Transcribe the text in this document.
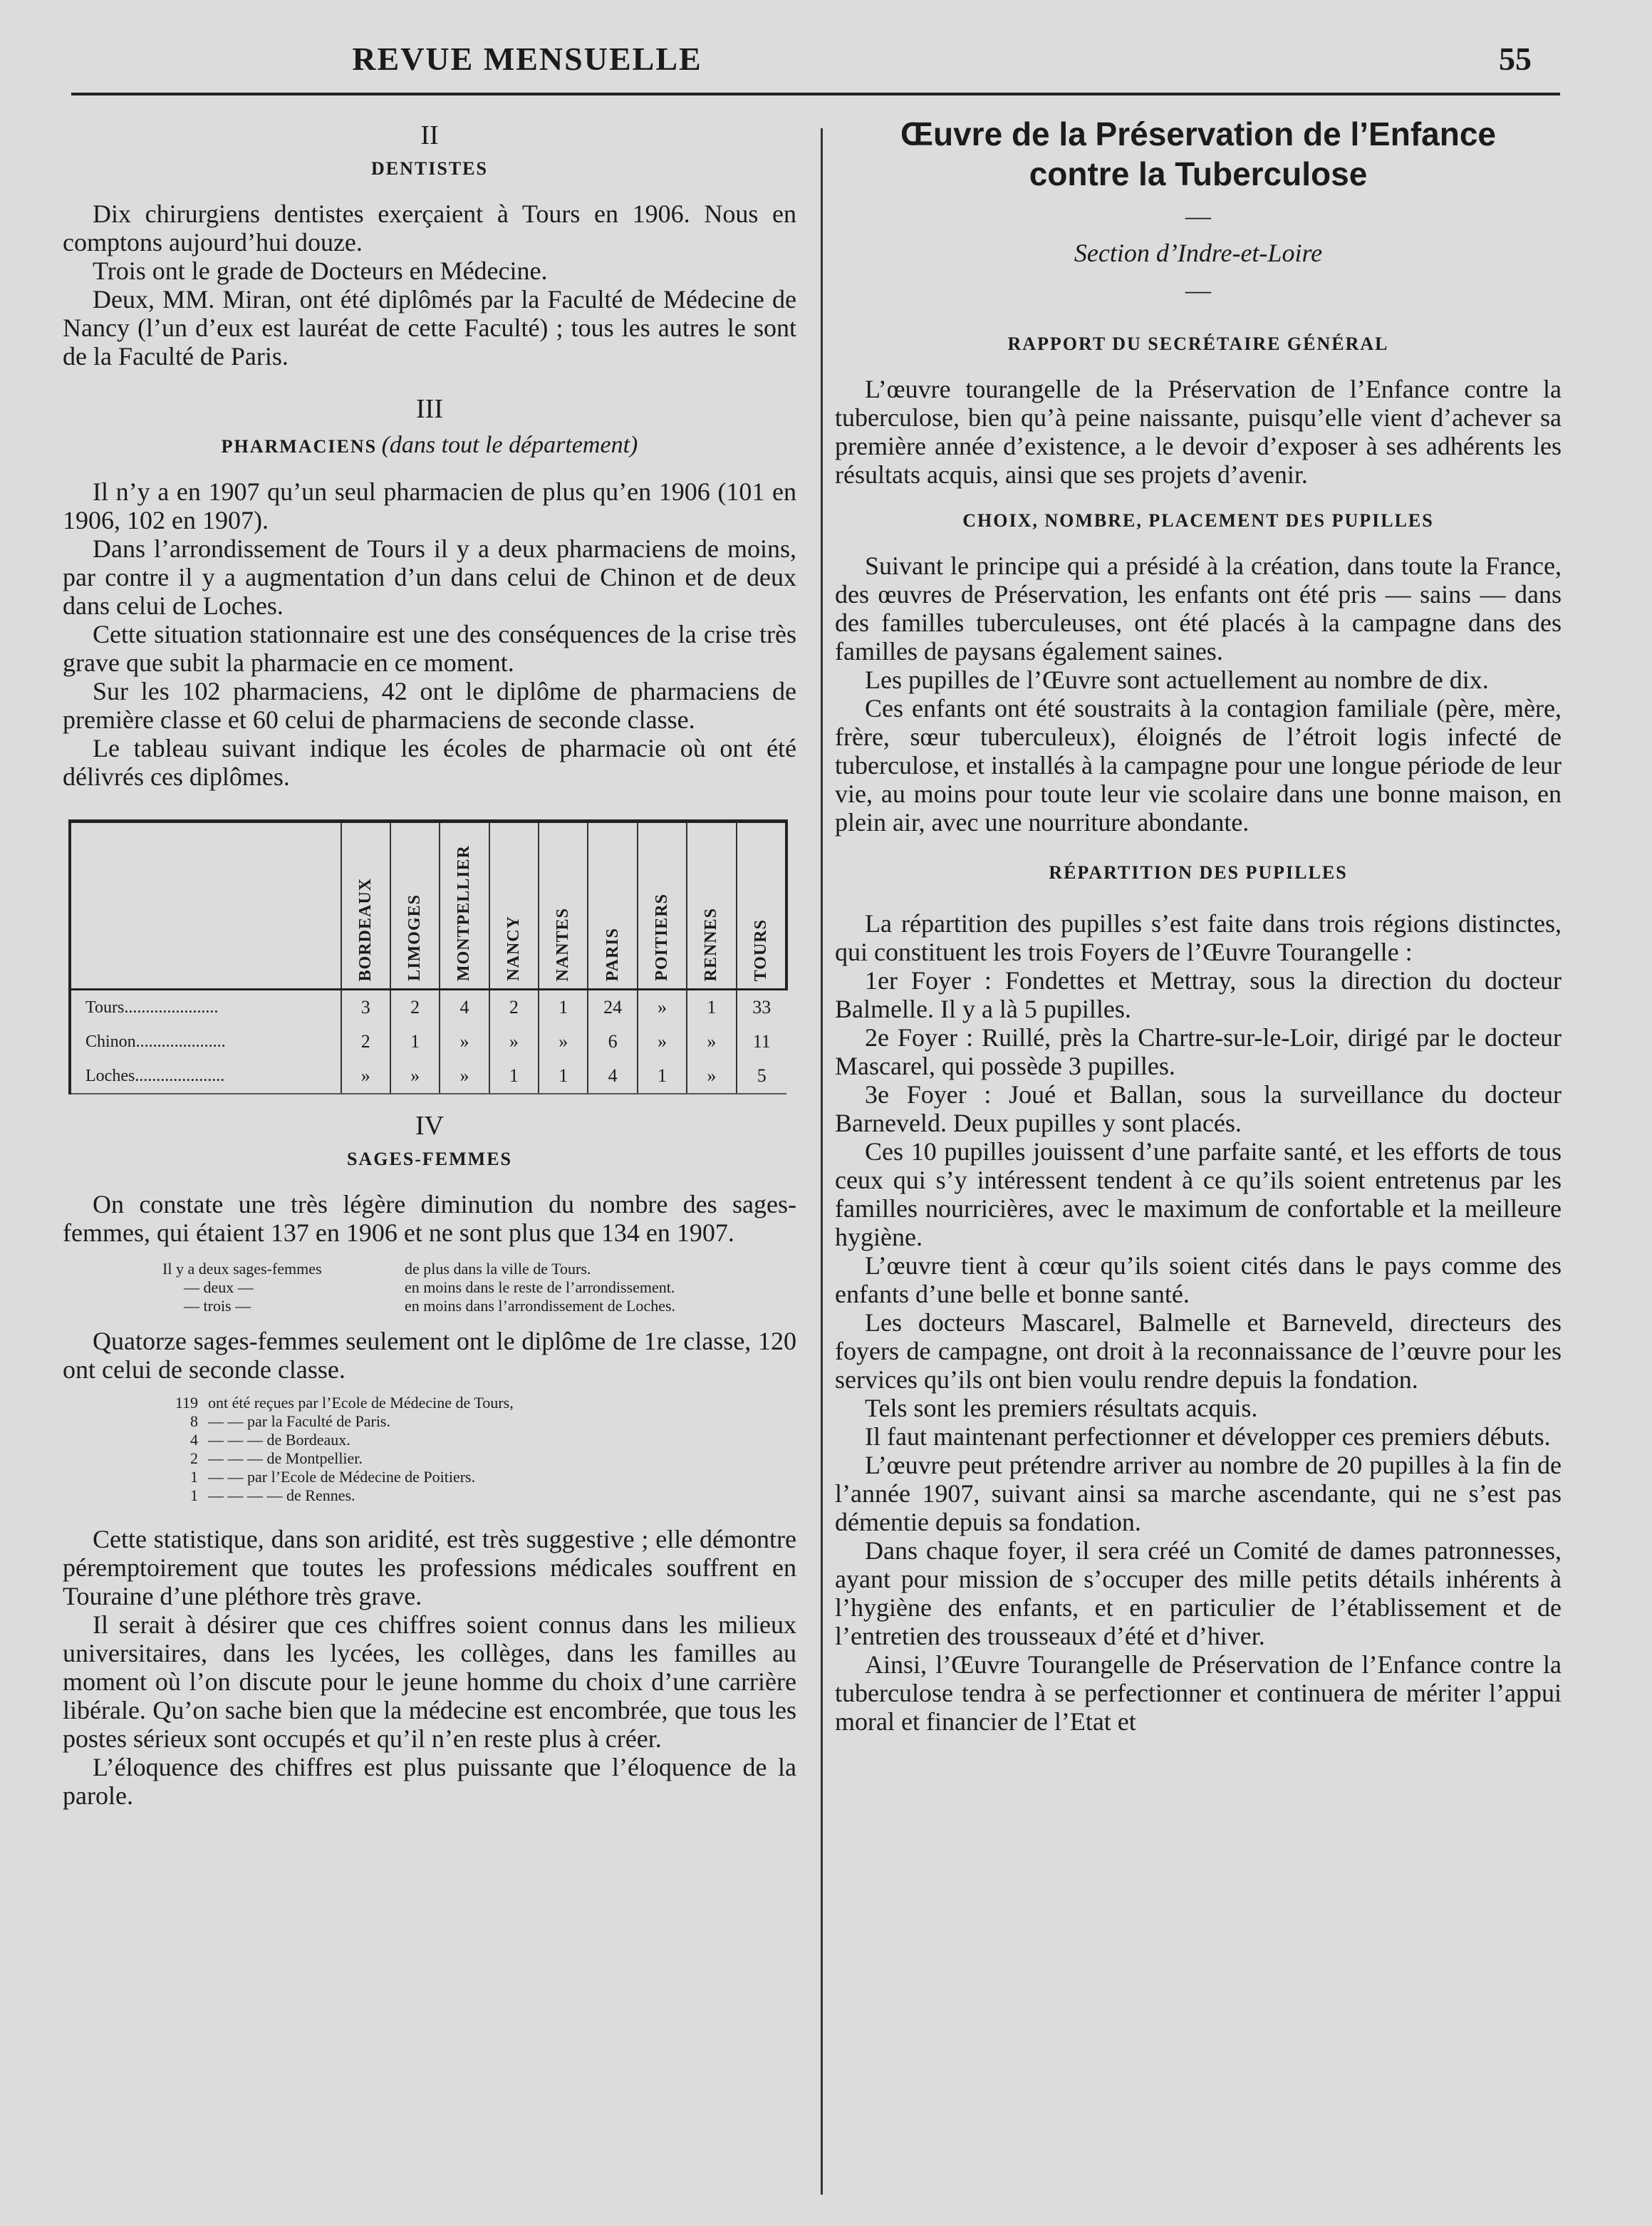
REVUE MENSUELLE	55
II
DENTISTES

Dix chirurgiens dentistes exerçaient à Tours en 1906. Nous en comptons aujourd’hui douze.

Trois ont le grade de Docteurs en Médecine.

Deux, MM. Miran, ont été diplômés par la Faculté de Médecine de Nancy (l’un d’eux est lauréat de cette Faculté) ; tous les autres le sont de la Faculté de Paris.

III
PHARMACIENS (dans tout le département)

Il n’y a en 1907 qu’un seul pharmacien de plus qu’en 1906 (101 en 1906, 102 en 1907).

Dans l’arrondissement de Tours il y a deux pharmaciens de moins, par contre il y a augmentation d’un dans celui de Chinon et de deux dans celui de Loches.

Cette situation stationnaire est une des conséquences de la crise très grave que subit la pharmacie en ce moment.

Sur les 102 pharmaciens, 42 ont le diplôme de pharmaciens de première classe et 60 celui de pharmaciens de seconde classe.

Le tableau suivant indique les écoles de pharmacie où ont été délivrés ces diplômes.

	BORDEAUX	LIMOGES	MONTPELLIER	NANCY	NANTES	PARIS	POITIERS	RENNES	TOURS

Tours......................	3	2	4	2	1	24	»	1	33
Chinon.....................	2	1	»	»	»	6	»	»	11
Loches.....................	»	»	»	1	1	4	1	»	5
IV
SAGES-FEMMES

On constate une très légère diminution du nombre des sages-femmes, qui étaient 137 en 1906 et ne sont plus que 134 en 1907.

Il y a deux sages-femmes	de plus dans la ville de Tours.
— deux —	en moins dans le reste de l’arrondissement.
— trois —	en moins dans l’arrondissement de Loches.

Quatorze sages-femmes seulement ont le diplôme de 1re classe, 120 ont celui de seconde classe.

119 ont été reçues par l’Ecole de Médecine de Tours,
8 — — par la Faculté de Paris.
4 — — — de Bordeaux.
2 — — — de Montpellier.
1 — — par l’Ecole de Médecine de Poitiers.
1 — — — — de Rennes.

Cette statistique, dans son aridité, est très suggestive ; elle démontre péremptoirement que toutes les professions médicales souffrent en Touraine d’une pléthore très grave.

Il serait à désirer que ces chiffres soient connus dans les milieux universitaires, dans les lycées, les collèges, dans les familles au moment où l’on discute pour le jeune homme du choix d’une carrière libérale. Qu’on sache bien que la médecine est encombrée, que tous les postes sérieux sont occupés et qu’il n’en reste plus à créer.

L’éloquence des chiffres est plus puissante que l’éloquence de la parole.

Œuvre de la Préservation de l’Enfance

contre la Tuberculose

—
Section d’Indre-et-Loire
—
RAPPORT DU SECRÉTAIRE GÉNÉRAL

L’œuvre tourangelle de la Préservation de l’Enfance contre la tuberculose, bien qu’à peine naissante, puisqu’elle vient d’achever sa première année d’existence, a le devoir d’exposer à ses adhérents les résultats acquis, ainsi que ses projets d’avenir.

CHOIX, NOMBRE, PLACEMENT DES PUPILLES

Suivant le principe qui a présidé à la création, dans toute la France, des œuvres de Préservation, les enfants ont été pris — sains — dans des familles tuberculeuses, ont été placés à la campagne dans des familles de paysans également saines.

Les pupilles de l’Œuvre sont actuellement au nombre de dix.

Ces enfants ont été soustraits à la contagion familiale (père, mère, frère, sœur tuberculeux), éloignés de l’étroit logis infecté de tuberculose, et installés à la campagne pour une longue période de leur vie, au moins pour toute leur vie scolaire dans une bonne maison, en plein air, avec une nourriture abondante.

RÉPARTITION DES PUPILLES

La répartition des pupilles s’est faite dans trois régions distinctes, qui constituent les trois Foyers de l’Œuvre Tourangelle :

1er Foyer : Fondettes et Mettray, sous la direction du docteur Balmelle. Il y a là 5 pupilles.

2e Foyer : Ruillé, près la Chartre-sur-le-Loir, dirigé par le docteur Mascarel, qui possède 3 pupilles.

3e Foyer : Joué et Ballan, sous la surveillance du docteur Barneveld. Deux pupilles y sont placés.

Ces 10 pupilles jouissent d’une parfaite santé, et les efforts de tous ceux qui s’y intéressent tendent à ce qu’ils soient entretenus par les familles nourricières, avec le maximum de confortable et la meilleure hygiène.

L’œuvre tient à cœur qu’ils soient cités dans le pays comme des enfants d’une belle et bonne santé.

Les docteurs Mascarel, Balmelle et Barneveld, directeurs des foyers de campagne, ont droit à la reconnaissance de l’œuvre pour les services qu’ils ont bien voulu rendre depuis la fondation.

Tels sont les premiers résultats acquis.

Il faut maintenant perfectionner et développer ces premiers débuts.

L’œuvre peut prétendre arriver au nombre de 20 pupilles à la fin de l’année 1907, suivant ainsi sa marche ascendante, qui ne s’est pas démentie depuis sa fondation.

Dans chaque foyer, il sera créé un Comité de dames patronnesses, ayant pour mission de s’occuper des mille petits détails inhérents à l’hygiène des enfants, et en particulier de l’établissement et de l’entretien des trousseaux d’été et d’hiver.

Ainsi, l’Œuvre Tourangelle de Préservation de l’Enfance contre la tuberculose tendra à se perfectionner et continuera de mériter l’appui moral et financier de l’Etat et
